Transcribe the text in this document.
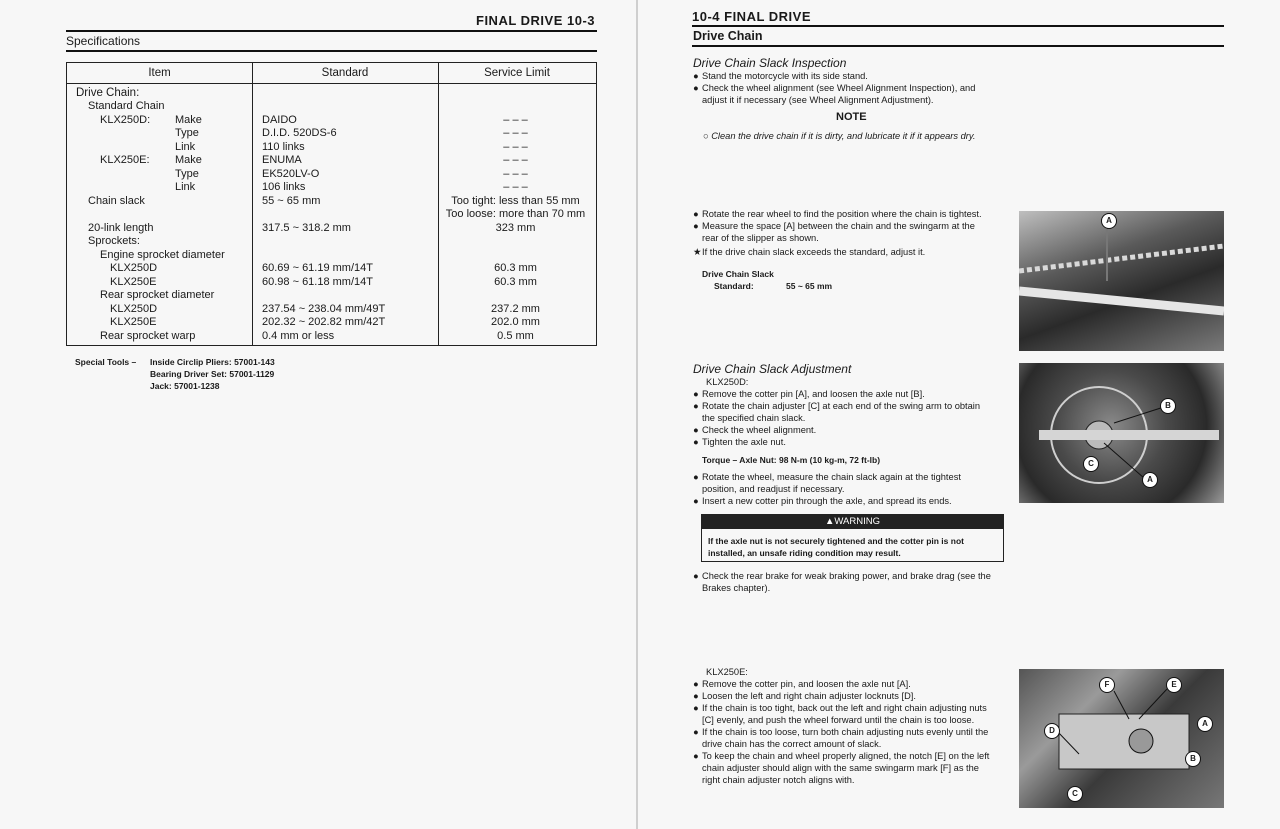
FINAL DRIVE 10-3
Specifications
Item	Standard	Service Limit
Drive Chain:
Standard Chain
KLX250D: Make	DAIDO	– – –
Type	D.I.D. 520DS-6	– – –
Link	110 links	– – –
KLX250E: Make	ENUMA	– – –
Type	EK520LV-O	– – –
Link	106 links	– – –
Chain slack	55 ~ 65 mm	Too tight: less than 55 mm
Too loose: more than 70 mm
20-link length	317.5 ~ 318.2 mm	323 mm
Sprockets:
Engine sprocket diameter
KLX250D	60.69 ~ 61.19 mm/14T	60.3 mm
KLX250E	60.98 ~ 61.18 mm/14T	60.3 mm
Rear sprocket diameter
KLX250D	237.54 ~ 238.04 mm/49T	237.2 mm
KLX250E	202.32 ~ 202.82 mm/42T	202.0 mm
Rear sprocket warp	0.4 mm or less	0.5 mm
Special Tools – Inside Circlip Pliers: 57001-143
Bearing Driver Set: 57001-1129
Jack: 57001-1238
10-4 FINAL DRIVE
Drive Chain
Drive Chain Slack Inspection
● Stand the motorcycle with its side stand.
● Check the wheel alignment (see Wheel Alignment Inspection), and
adjust it if necessary (see Wheel Alignment Adjustment).
NOTE
○ Clean the drive chain if it is dirty, and lubricate it if it appears dry.
● Rotate the rear wheel to find the position where the chain is tightest.
● Measure the space [A] between the chain and the swingarm at the
rear of the slipper as shown.
★ If the drive chain slack exceeds the standard, adjust it.
Drive Chain Slack
Standard:	55 ~ 65 mm
A
Drive Chain Slack Adjustment
KLX250D:
● Remove the cotter pin [A], and loosen the axle nut [B].
● Rotate the chain adjuster [C] at each end of the swing arm to obtain
the specified chain slack.
● Check the wheel alignment.
● Tighten the axle nut.
Torque – Axle Nut: 98 N-m (10 kg-m, 72 ft-lb)
● Rotate the wheel, measure the chain slack again at the tightest
position, and readjust if necessary.
● Insert a new cotter pin through the axle, and spread its ends.
▲WARNING
If the axle nut is not securely tightened and the cotter pin is not
installed, an unsafe riding condition may result.
● Check the rear brake for weak braking power, and brake drag (see the
Brakes chapter).
B
C
A
KLX250E:
● Remove the cotter pin, and loosen the axle nut [A].
● Loosen the left and right chain adjuster locknuts [D].
● If the chain is too tight, back out the left and right chain adjusting nuts
[C] evenly, and push the wheel forward until the chain is too loose.
● If the chain is too loose, turn both chain adjusting nuts evenly until the
drive chain has the correct amount of slack.
● To keep the chain and wheel properly aligned, the notch [E] on the left
chain adjuster should align with the same swingarm mark [F] as the
right chain adjuster notch aligns with.
F	E
D
A
B
C
